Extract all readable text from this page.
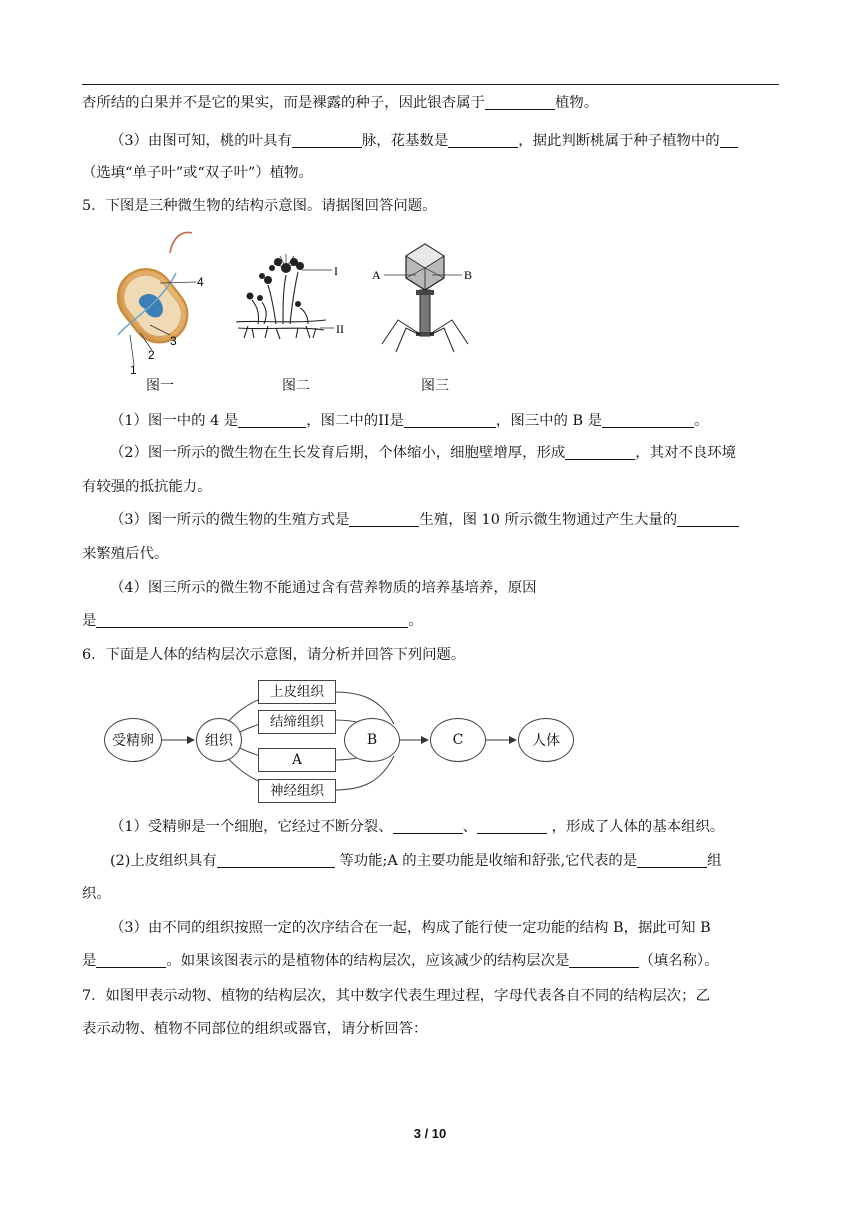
杏所结的白果并不是它的果实，而是裸露的种子，因此银杏属于	植物。
（3）由图可知，桃的叶具有	脉，花基数是	，据此判断桃属于种子植物中的
（选填“单子叶”或“双子叶”）植物。
5．下图是三种微生物的结构示意图。请据图回答问题。
4
1
2
3
图一
I
II
图二
A	B
图三
（1）图一中的 4 是	，图二中的II是	，图三中的 B 是	。
（2）图一所示的微生物在生长发育后期，个体缩小，细胞壁增厚，形成	，其对不良环境
有较强的抵抗能力。
（3）图一所示的微生物的生殖方式是	生殖，图 10 所示微生物通过产生大量的
来繁殖后代。
（4）图三所示的微生物不能通过含有营养物质的培养基培养，原因
是	。
6．下面是人体的结构层次示意图，请分析并回答下列问题。
受精卵	组织
上皮组织
结缔组织
A
神经组织
B	C	人体
（1）受精卵是一个细胞，它经过不断分裂、	、	，形成了人体的基本组织。
(2)上皮组织具有	等功能;A 的主要功能是收缩和舒张,它代表的是	组
织。
（3）由不同的组织按照一定的次序结合在一起，构成了能行使一定功能的结构 B，据此可知 B
是	。如果该图表示的是植物体的结构层次，应该减少的结构层次是	（填名称）。
7．如图甲表示动物、植物的结构层次，其中数字代表生理过程，字母代表各自不同的结构层次；乙
表示动物、植物不同部位的组织或器官，请分析回答：
3 / 10
